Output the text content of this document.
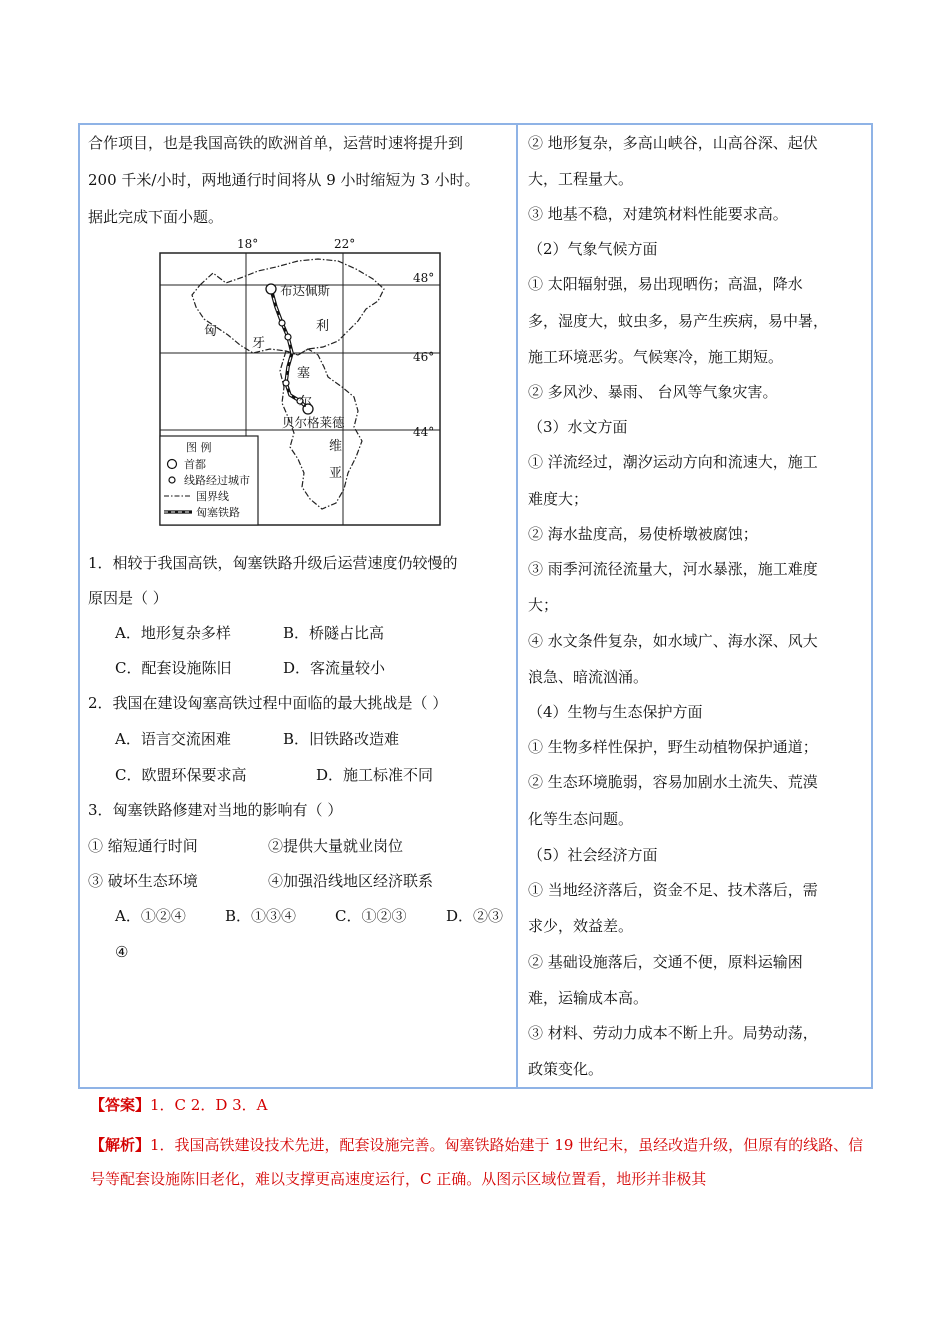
合作项目，也是我国高铁的欧洲首单，运营时速将提升到
200 千米/小时，两地通行时间将从 9 小时缩短为 3 小时。
据此完成下面小题。
18°	22°
48°
46°
44°
布达佩斯
贝尔格莱德
匈
牙
利
塞
尔
维
亚
图 例
首都
线路经过城市
国界线
匈塞铁路
1．相较于我国高铁，匈塞铁路升级后运营速度仍较慢的
原因是（ ）
A．地形复杂多样	B．桥隧占比高
C．配套设施陈旧	D．客流量较小
2．我国在建设匈塞高铁过程中面临的最大挑战是（ ）
A．语言交流困难	B．旧铁路改造难
C．欧盟环保要求高	D．施工标准不同
3．匈塞铁路修建对当地的影响有（ ）
① 缩短通行时间	②提供大量就业岗位
③ 破坏生态环境	④加强沿线地区经济联系
A．①②④	B．①③④	C．①②③	D．②③
④
② 地形复杂，多高山峡谷，山高谷深、起伏
大，工程量大。
③ 地基不稳，对建筑材料性能要求高。
（2）气象气候方面
① 太阳辐射强，易出现晒伤；高温，降水
多，湿度大，蚊虫多，易产生疾病，易中暑，
施工环境恶劣。气候寒冷，施工期短。
② 多风沙、暴雨、 台风等气象灾害。
（3）水文方面
① 洋流经过，潮汐运动方向和流速大，施工
难度大；
② 海水盐度高，易使桥墩被腐蚀；
③ 雨季河流径流量大，河水暴涨，施工难度
大；
④ 水文条件复杂，如水域广、海水深、风大
浪急、暗流汹涌。
（4）生物与生态保护方面
① 生物多样性保护，野生动植物保护通道；
② 生态环境脆弱，容易加剧水土流失、荒漠
化等生态问题。
（5）社会经济方面
① 当地经济落后，资金不足、技术落后，需
求少，效益差。
② 基础设施落后，交通不便，原料运输困
难，运输成本高。
③ 材料、劳动力成本不断上升。局势动荡，
政策变化。
【答案】1．C 2．D 3．A
【解析】1．我国高铁建设技术先进，配套设施完善。匈塞铁路始建于 19 世纪末，虽经改造升级，但原有的线路、信号等配套设施陈旧老化，难以支撑更高速度运行，C 正确。从图示区域位置看，地形并非极其
